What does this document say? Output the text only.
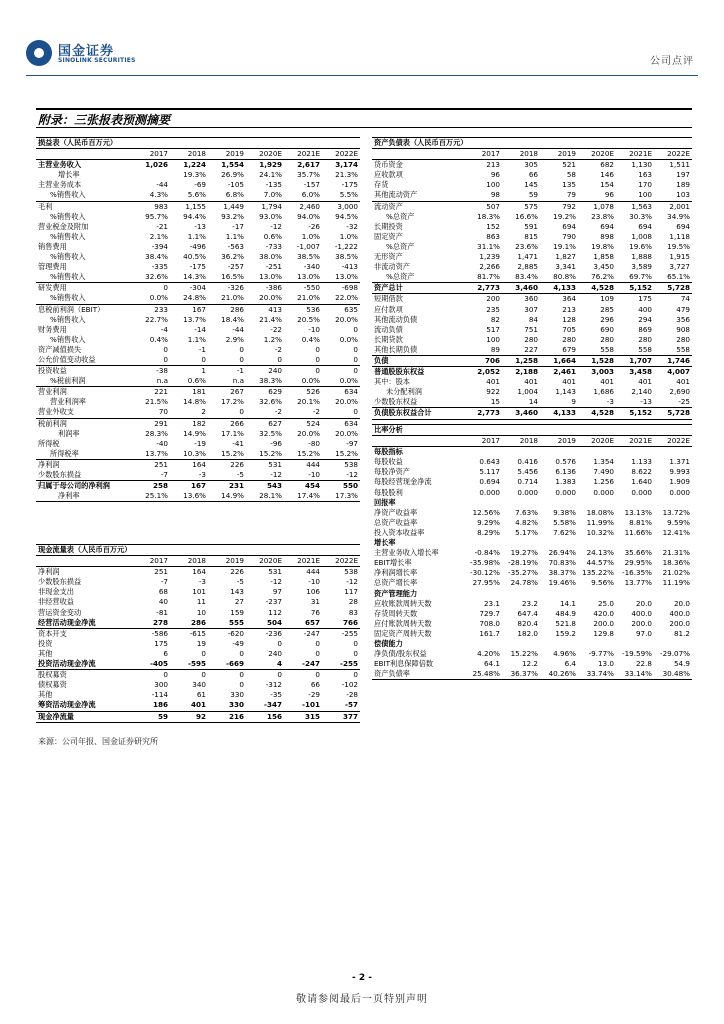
国金证券
SINOLINK SECURITIES	公司点评
附录：三张报表预测摘要
损益表（人民币百万元）						
	2017	2018	2019	2020E	2021E	2022E
主营业务收入	1,026	1,224	1,554	1,929	2,617	3,174
增长率		19.3%	26.9%	24.1%	35.7%	21.3%
主营业务成本	-44	-69	-105	-135	-157	-175
%销售收入	4.3%	5.6%	6.8%	7.0%	6.0%	5.5%
毛利	983	1,155	1,449	1,794	2,460	3,000
%销售收入	95.7%	94.4%	93.2%	93.0%	94.0%	94.5%
营业税金及附加	-21	-13	-17	-12	-26	-32
%销售收入	2.1%	1.1%	1.1%	0.6%	1.0%	1.0%
销售费用	-394	-496	-563	-733	-1,007	-1,222
%销售收入	38.4%	40.5%	36.2%	38.0%	38.5%	38.5%
管理费用	-335	-175	-257	-251	-340	-413
%销售收入	32.6%	14.3%	16.5%	13.0%	13.0%	13.0%
研发费用	0	-304	-326	-386	-550	-698
%销售收入	0.0%	24.8%	21.0%	20.0%	21.0%	22.0%
息税前利润（EBIT）	233	167	286	413	536	635
%销售收入	22.7%	13.7%	18.4%	21.4%	20.5%	20.0%
财务费用	-4	-14	-44	-22	-10	0
%销售收入	0.4%	1.1%	2.9%	1.2%	0.4%	0.0%
资产减值损失	0	-1	0	-2	0	0
公允价值变动收益	0	0	0	0	0	0
投资收益	-38	1	-1	240	0	0
%税前利润	n.a	0.6%	n.a	38.3%	0.0%	0.0%
营业利润	221	181	267	629	526	634
营业利润率	21.5%	14.8%	17.2%	32.6%	20.1%	20.0%
营业外收支	70	2	0	-2	-2	0
税前利润	291	182	266	627	524	634
利润率	28.3%	14.9%	17.1%	32.5%	20.0%	20.0%
所得税	-40	-19	-41	-96	-80	-97
所得税率	13.7%	10.3%	15.2%	15.2%	15.2%	15.2%
净利润	251	164	226	531	444	538
少数股东损益	-7	-3	-5	-12	-10	-12
归属于母公司的净利润	258	167	231	543	454	550
净利率	25.1%	13.6%	14.9%	28.1%	17.4%	17.3%
资产负债表（人民币百万元）						
	2017	2018	2019	2020E	2021E	2022E
货币资金	213	305	521	682	1,130	1,511
应收款项	96	66	58	146	163	197
存货	100	145	135	154	170	189
其他流动资产	98	59	79	96	100	103
流动资产	507	575	792	1,078	1,563	2,001
%总资产	18.3%	16.6%	19.2%	23.8%	30.3%	34.9%
长期投资	152	591	694	694	694	694
固定资产	863	815	790	898	1,008	1,118
%总资产	31.1%	23.6%	19.1%	19.8%	19.6%	19.5%
无形资产	1,239	1,471	1,827	1,858	1,888	1,915
非流动资产	2,266	2,885	3,341	3,450	3,589	3,727
%总资产	81.7%	83.4%	80.8%	76.2%	69.7%	65.1%
资产总计	2,773	3,460	4,133	4,528	5,152	5,728
短期借款	200	360	364	109	175	74
应付款项	235	307	213	285	400	479
其他流动负债	82	84	128	296	294	356
流动负债	517	751	705	690	869	908
长期贷款	100	280	280	280	280	280
其他长期负债	89	227	679	558	558	558
负债	706	1,258	1,664	1,528	1,707	1,746
普通股股东权益	2,052	2,188	2,461	3,003	3,458	4,007
其中：股本	401	401	401	401	401	401
未分配利润	922	1,004	1,143	1,686	2,140	2,690
少数股东权益	15	14	9	-3	-13	-25
负债股东权益合计	2,773	3,460	4,133	4,528	5,152	5,728
比率分析						
	2017	2018	2019	2020E	2021E	2022E
每股指标						
每股收益	0.643	0.416	0.576	1.354	1.133	1.371
每股净资产	5.117	5.456	6.136	7.490	8.622	9.993
每股经营现金净流	0.694	0.714	1.383	1.256	1.640	1.909
每股股利	0.000	0.000	0.000	0.000	0.000	0.000
回报率						
净资产收益率	12.56%	7.63%	9.38%	18.08%	13.13%	13.72%
总资产收益率	9.29%	4.82%	5.58%	11.99%	8.81%	9.59%
投入资本收益率	8.29%	5.17%	7.62%	10.32%	11.66%	12.41%
增长率						
主营业务收入增长率	-0.84%	19.27%	26.94%	24.13%	35.66%	21.31%
EBIT增长率	-35.98%	-28.19%	70.83%	44.57%	29.95%	18.36%
净利润增长率	-30.12%	-35.27%	38.37%	135.22%	-16.35%	21.02%
总资产增长率	27.95%	24.78%	19.46%	9.56%	13.77%	11.19%
资产管理能力						
应收账款周转天数	23.1	23.2	14.1	25.0	20.0	20.0
存货周转天数	729.7	647.4	484.9	420.0	400.0	400.0
应付账款周转天数	708.0	820.4	521.8	200.0	200.0	200.0
固定资产周转天数	161.7	182.0	159.2	129.8	97.0	81.2
偿债能力						
净负债/股东权益	4.20%	15.22%	4.96%	-9.77%	-19.59%	-29.07%
EBIT利息保障倍数	64.1	12.2	6.4	13.0	22.8	54.9
资产负债率	25.48%	36.37%	40.26%	33.74%	33.14%	30.48%
现金流量表（人民币百万元）						
	2017	2018	2019	2020E	2021E	2022E
净利润	251	164	226	531	444	538
少数股东损益	-7	-3	-5	-12	-10	-12
非现金支出	68	101	143	97	106	117
非经营收益	40	11	27	-237	31	28
营运资金变动	-81	10	159	112	76	83
经营活动现金净流	278	286	555	504	657	766
资本开支	-586	-615	-620	-236	-247	-255
投资	175	19	-49	0	0	0
其他	6	0	0	240	0	0
投资活动现金净流	-405	-595	-669	4	-247	-255
股权募资	0	0	0	0	0	0
债权募资	300	340	0	-312	66	-102
其他	-114	61	330	-35	-29	-28
筹资活动现金净流	186	401	330	-347	-101	-57
现金净流量	59	92	216	156	315	377
来源：公司年报、国金证券研究所
- 2 -
敬请参阅最后一页特别声明
